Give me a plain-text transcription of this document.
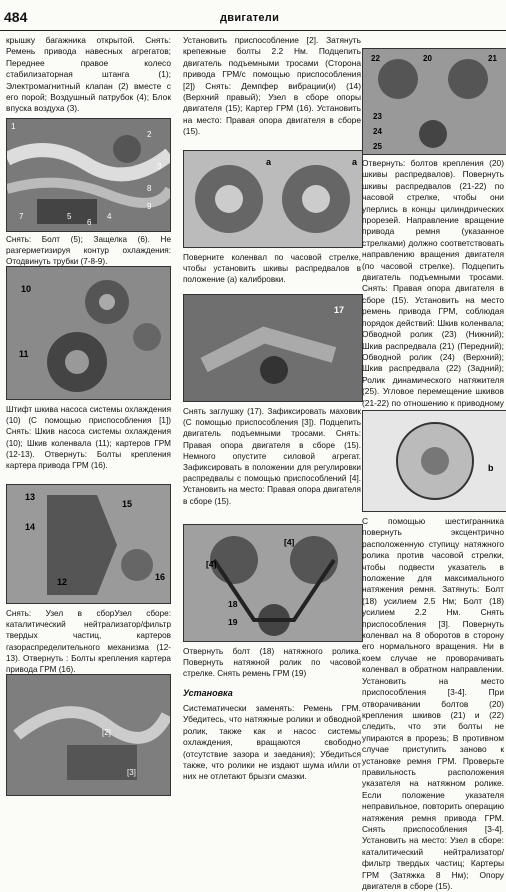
484	двигатели
крышку багажника открытой. Снять: Ремень привода навесных агрегатов; Переднее правое колесо стабилизаторная штанга (1); Электромагнитный клапан (2) вместе с его порой; Воздушный патрубок (4); Блок впуска воздуха (3).
1
2
3
4
5
6
7
8
9
Снять: Болт (5); Защелка (6). Не разгерметизируя контур охлаждения: Отодвинуть трубки (7-8-9).
10
11
Штифт шкива насоса системы охлаждения (10) (С помощью приспособления [1]) Снять: Шкив насоса системы охлаждения (10); Шкив коленвала (11); картеров ГРМ (12-13). Отвернуть: Болты крепления картера привода ГРМ (16).
13
14
15
12	16
Снять: Узел в сборУзел сборе: каталитический нейтрализатор/фильтр твердых частиц, картеров газораспределительного механизма (12-13). Отвернуть : Болты крепления картера привода ГРМ (16).
[2]
[3]
Установить приспособление [2]. Затянуть крепежные болты 2.2 Нм. Подцепить двигатель подъемными тросами (Сторона привода ГРМ/с помощью приспособления [2]) Снять: Демпфер вибрации(и) (14) (Верхний правый); Узел в сборе опоры двигателя (15); Картер ГРМ (16). Установить на место: Правая опора двигателя в сборе (15).
a	a
Поверните коленвал по часовой стрелке, чтобы установить шкивы распредвалов в положение (а) калибровки.
17
Снять заглушку (17). Зафиксировать маховик (С помощью приспособления [3]). Подцепить двигатель подъемными тросами. Снять: Правая опора двигателя в сборе (15). Немного опустите силовой агрегат. Зафиксировать в положении для регулировки распредвалы с помощью приспособлений [4]. Установить на место: Правая опора двигателя в сборе (15).
[4]
[4]
18
19
Отвернуть болт (18) натяжного ролика. Повернуть натяжной ролик по часовой стрелке. Снять ремень ГРМ (19)
Установка
Систематически заменять: Ремень ГРМ. Убедитесь, что натяжные ролики и обводной ролик, также как и насос системы охлаждения, вращаются свободно (отсутствие зазора и заедания); Убедиться также, что ролики не издают шума и/или от них не отлетают брызги смазки.
22	20	21
23
24
25
Отвернуть: болтов крепления (20) шкивы распредвалов). Повернуть шкивы распредвалов (21-22) по часовой стрелке, чтобы они уперлись в концы цилиндрических прорезей. Направление вращение привода ремня (указанное стрелками) должно соответствовать направлению вращения двигателя (по часовой стрелке). Подцепить двигатель подъемными тросами. Снять: Правая опора двигателя в сборе (15). Установить на место ремень привода ГРМ, соблюдая порядок действий: Шкив коленвала; Обводной ролик (23) (Нижний); Шкив распредвала (21) (Передний); Обводной ролик (24) (Верхний); Шкив распредвала (22) (Задний); Ролик динамического натяжителя (25). Угловое перемещение шкивов (21-22) по отношению к приводному
b
С помощью шестигранника повернуть эксцентрично расположенную ступицу натяжного ролика против часовой стрелки, чтобы подвести указатель в положение для максимального натяжения ремня. Затянуть: Болт (18) усилием 2.5 Нм; Болт (18) усилием 2.2 Нм. Снять приспособления [3]. Повернуть коленвал на 8 оборотов в сторону его нормального вращения. Ни в коем случае не проворачивать коленвал в обратном направлении. Установить на место приспособления [3-4]. При отворачивании болтов (20) крепления шкивов (21) и (22) следить, что эти болты не упираются в прорезь; В противном случае приступить заново к установке ремня ГРМ. Проверьте правильность расположения указателя на натяжном ролике. Если положение указателя неправильное, повторить операцию натяжения ремня привода ГРМ. Снять приспособления [3-4]. Установить на место: Узел в сборе: каталитический нейтрализатор/фильтр твердых частиц; Картеры ГРМ (Затяжка 8 Нм); Опору двигателя в сборе (15).
